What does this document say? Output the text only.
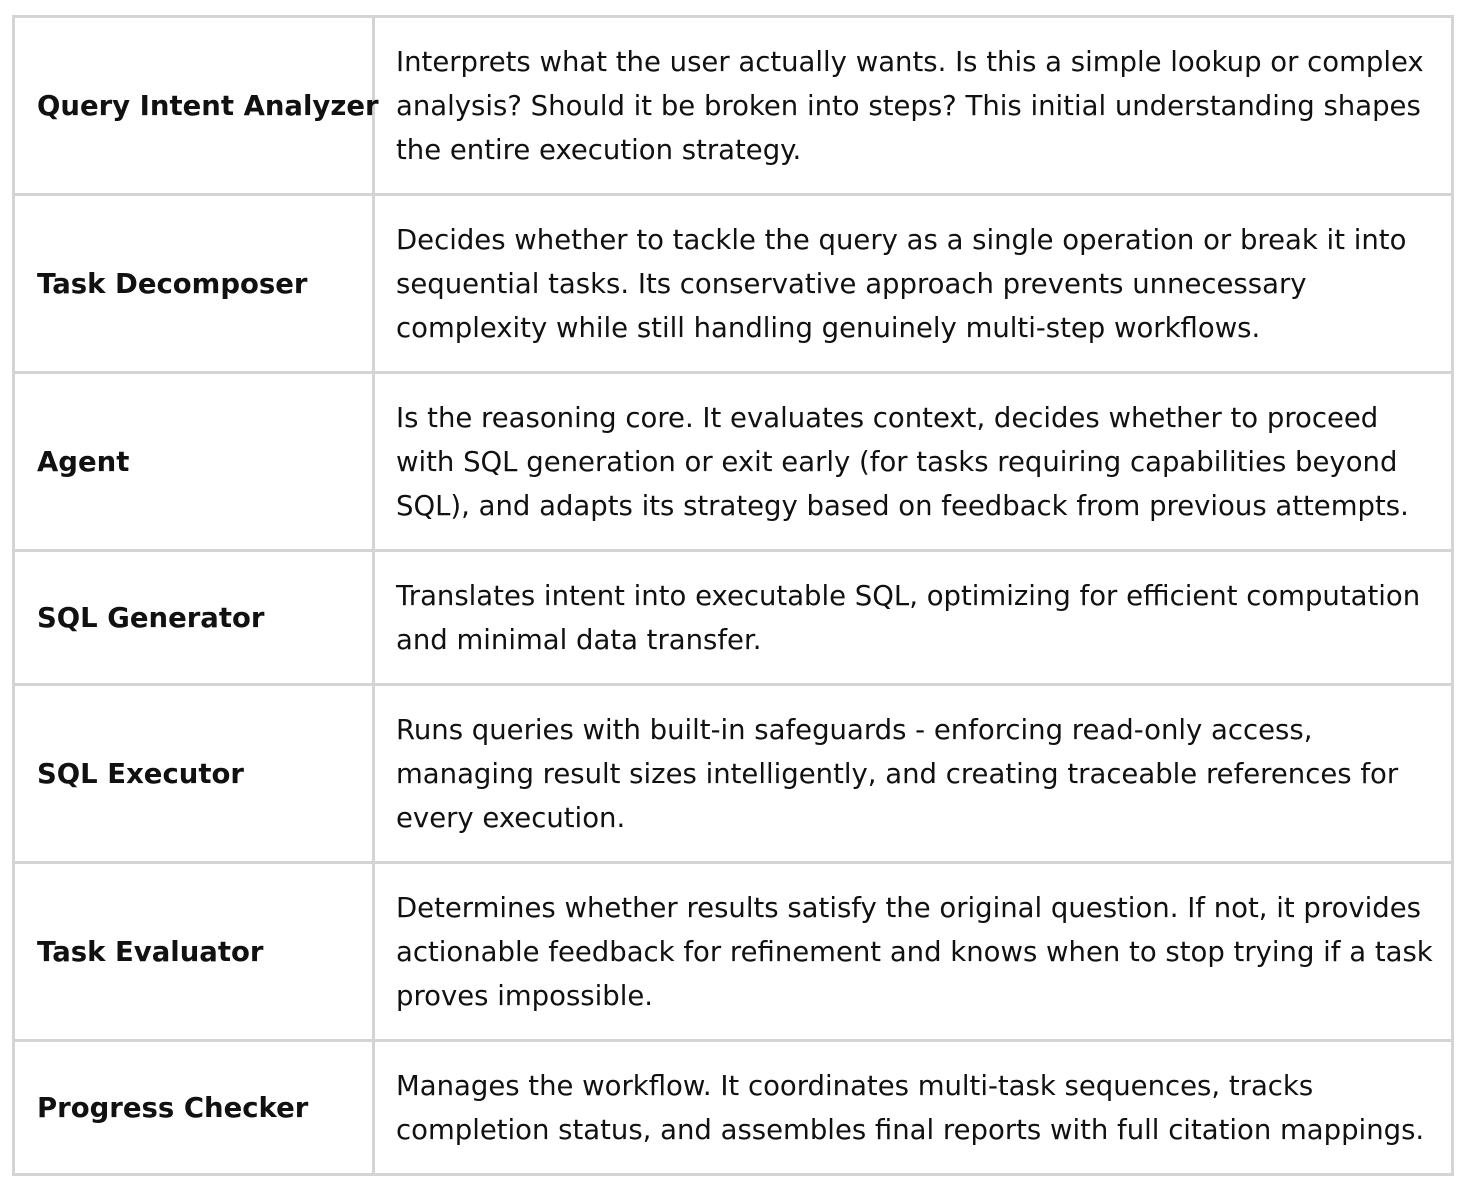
Query Intent Analyzer	Interprets what the user actually wants. Is this a simple lookup or complex analysis? Should it be broken into steps? This initial understanding shapes the entire execution strategy.
Task Decomposer	Decides whether to tackle the query as a single operation or break it into sequential tasks. Its conservative approach prevents unnecessary complexity while still handling genuinely multi-step workflows.
Agent	Is the reasoning core. It evaluates context, decides whether to proceed with SQL generation or exit early (for tasks requiring capabilities beyond SQL), and adapts its strategy based on feedback from previous attempts.
SQL Generator	Translates intent into executable SQL, optimizing for efficient computation and minimal data transfer.
SQL Executor	Runs queries with built-in safeguards - enforcing read-only access, managing result sizes intelligently, and creating traceable references for every execution.
Task Evaluator	Determines whether results satisfy the original question. If not, it provides actionable feedback for refinement and knows when to stop trying if a task proves impossible.
Progress Checker	Manages the workflow. It coordinates multi-task sequences, tracks completion status, and assembles final reports with full citation mappings.
